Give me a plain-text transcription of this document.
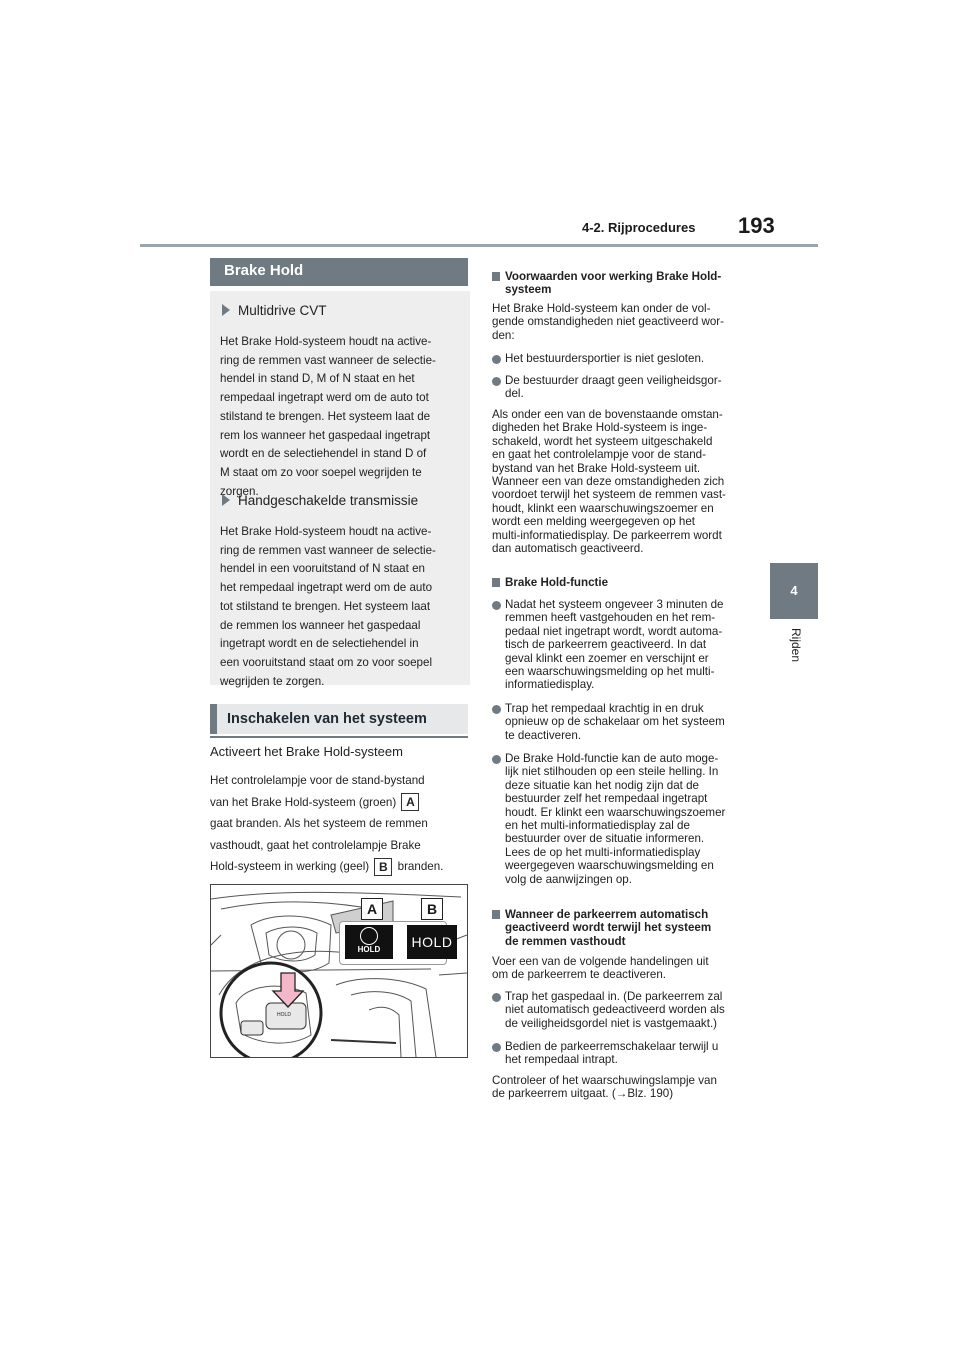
4-2. Rijprocedures 193
4
Rijden
Brake Hold
Multidrive CVT
Het Brake Hold-systeem houdt na active-
ring de remmen vast wanneer de selectie-
hendel in stand D, M of N staat en het
rempedaal ingetrapt werd om de auto tot
stilstand te brengen. Het systeem laat de
rem los wanneer het gaspedaal ingetrapt
wordt en de selectiehendel in stand D of
M staat om zo voor soepel wegrijden te
zorgen.
Handgeschakelde transmissie
Het Brake Hold-systeem houdt na active-
ring de remmen vast wanneer de selectie-
hendel in een vooruitstand of N staat en
het rempedaal ingetrapt werd om de auto
tot stilstand te brengen. Het systeem laat
de remmen los wanneer het gaspedaal
ingetrapt wordt en de selectiehendel in
een vooruitstand staat om zo voor soepel
wegrijden te zorgen.
Inschakelen van het systeem
Activeert het Brake Hold-systeem
Het controlelampje voor de stand-bystand
van het Brake Hold-systeem (groen) A
gaat branden. Als het systeem de remmen
vasthoudt, gaat het controlelampje Brake
Hold-systeem in werking (geel) B branden.
A	B
HOLD	HOLD
HOLD
Voorwaarden voor werking Brake Hold-
systeem
Het Brake Hold-systeem kan onder de vol-
gende omstandigheden niet geactiveerd wor-
den:
Het bestuurdersportier is niet gesloten.
De bestuurder draagt geen veiligheidsgor-
del.
Als onder een van de bovenstaande omstan-
digheden het Brake Hold-systeem is inge-
schakeld, wordt het systeem uitgeschakeld
en gaat het controlelampje voor de stand-
bystand van het Brake Hold-systeem uit.
Wanneer een van deze omstandigheden zich
voordoet terwijl het systeem de remmen vast-
houdt, klinkt een waarschuwingszoemer en
wordt een melding weergegeven op het
multi-informatiedisplay. De parkeerrem wordt
dan automatisch geactiveerd.
Brake Hold-functie
Nadat het systeem ongeveer 3 minuten de
remmen heeft vastgehouden en het rem-
pedaal niet ingetrapt wordt, wordt automa-
tisch de parkeerrem geactiveerd. In dat
geval klinkt een zoemer en verschijnt er
een waarschuwingsmelding op het multi-
informatiedisplay.
Trap het rempedaal krachtig in en druk
opnieuw op de schakelaar om het systeem
te deactiveren.
De Brake Hold-functie kan de auto moge-
lijk niet stilhouden op een steile helling. In
deze situatie kan het nodig zijn dat de
bestuurder zelf het rempedaal ingetrapt
houdt. Er klinkt een waarschuwingszoemer
en het multi-informatiedisplay zal de
bestuurder over de situatie informeren.
Lees de op het multi-informatiedisplay
weergegeven waarschuwingsmelding en
volg de aanwijzingen op.
Wanneer de parkeerrem automatisch
geactiveerd wordt terwijl het systeem
de remmen vasthoudt
Voer een van de volgende handelingen uit
om de parkeerrem te deactiveren.
Trap het gaspedaal in. (De parkeerrem zal
niet automatisch gedeactiveerd worden als
de veiligheidsgordel niet is vastgemaakt.)
Bedien de parkeerremschakelaar terwijl u
het rempedaal intrapt.
Controleer of het waarschuwingslampje van
de parkeerrem uitgaat. (→Blz. 190)
